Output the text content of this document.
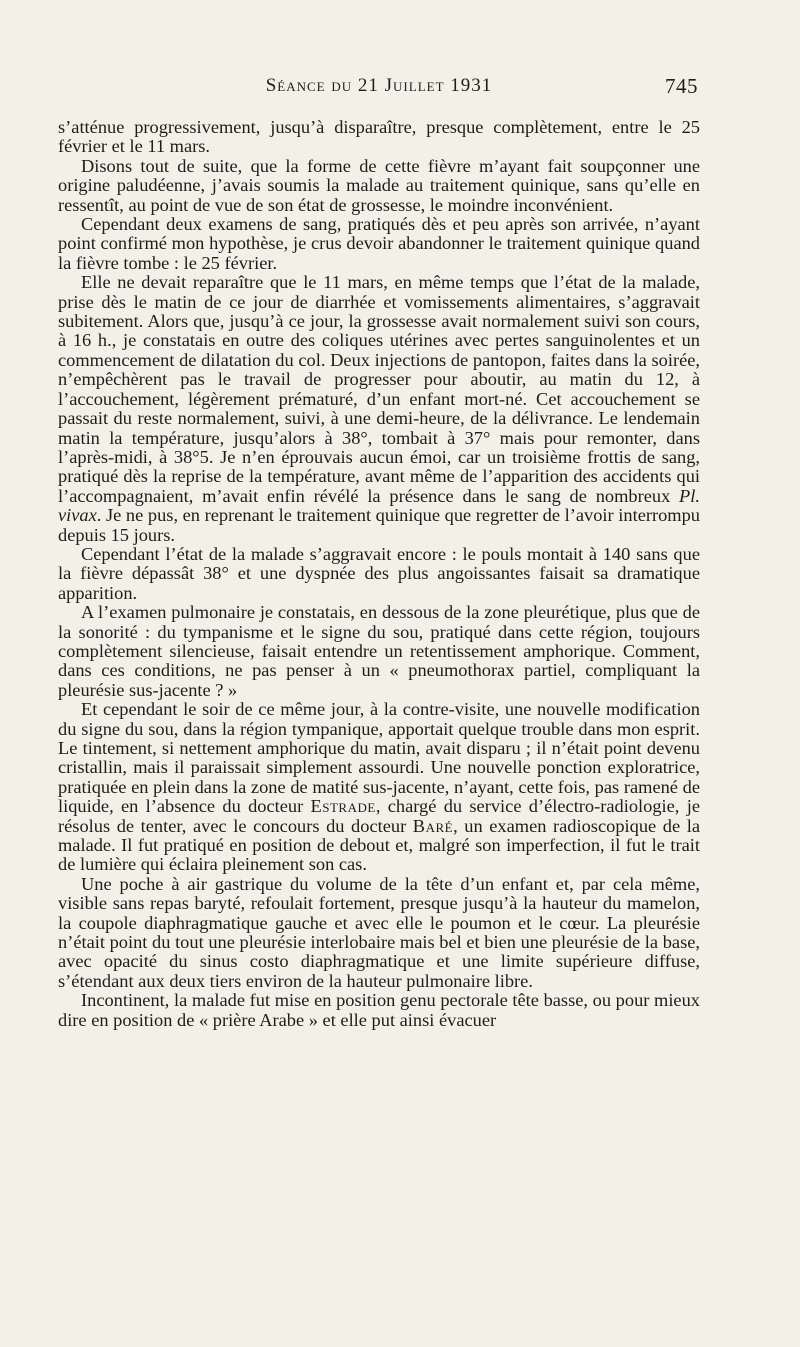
Séance du 21 Juillet 1931	745

s’atténue progressivement, jusqu’à disparaître, presque complètement, entre le 25 février et le 11 mars.

Disons tout de suite, que la forme de cette fièvre m’ayant fait soupçonner une origine paludéenne, j’avais soumis la malade au traitement quinique, sans qu’elle en ressentît, au point de vue de son état de grossesse, le moindre inconvénient.

Cependant deux examens de sang, pratiqués dès et peu après son arrivée, n’ayant point confirmé mon hypothèse, je crus devoir abandonner le traitement quinique quand la fièvre tombe : le 25 février.

Elle ne devait reparaître que le 11 mars, en même temps que l’état de la malade, prise dès le matin de ce jour de diarrhée et vomissements alimentaires, s’aggravait subitement. Alors que, jusqu’à ce jour, la grossesse avait normalement suivi son cours, à 16 h., je constatais en outre des coliques utérines avec pertes sanguinolentes et un commencement de dilatation du col. Deux injections de pantopon, faites dans la soirée, n’empêchèrent pas le travail de progresser pour aboutir, au matin du 12, à l’accouchement, légèrement prématuré, d’un enfant mort-né. Cet accouchement se passait du reste normalement, suivi, à une demi-heure, de la délivrance. Le lendemain matin la température, jusqu’alors à 38°, tombait à 37° mais pour remonter, dans l’après-midi, à 38°5. Je n’en éprouvais aucun émoi, car un troisième frottis de sang, pratiqué dès la reprise de la température, avant même de l’apparition des accidents qui l’accompagnaient, m’avait enfin révélé la présence dans le sang de nombreux Pl. vivax. Je ne pus, en reprenant le traitement quinique que regretter de l’avoir interrompu depuis 15 jours.

Cependant l’état de la malade s’aggravait encore : le pouls montait à 140 sans que la fièvre dépassât 38° et une dyspnée des plus angoissantes faisait sa dramatique apparition.

A l’examen pulmonaire je constatais, en dessous de la zone pleurétique, plus que de la sonorité : du tympanisme et le signe du sou, pratiqué dans cette région, toujours complètement silencieuse, faisait entendre un retentissement amphorique. Comment, dans ces conditions, ne pas penser à un « pneumothorax partiel, compliquant la pleurésie sus-jacente ? »

Et cependant le soir de ce même jour, à la contre-visite, une nouvelle modification du signe du sou, dans la région tympanique, apportait quelque trouble dans mon esprit. Le tintement, si nettement amphorique du matin, avait disparu ; il n’était point devenu cristallin, mais il paraissait simplement assourdi. Une nouvelle ponction exploratrice, pratiquée en plein dans la zone de matité sus-jacente, n’ayant, cette fois, pas ramené de liquide, en l’absence du docteur Estrade, chargé du service d’électro-radiologie, je résolus de tenter, avec le concours du docteur Baré, un examen radioscopique de la malade. Il fut pratiqué en position de debout et, malgré son imperfection, il fut le trait de lumière qui éclaira pleinement son cas.

Une poche à air gastrique du volume de la tête d’un enfant et, par cela même, visible sans repas baryté, refoulait fortement, presque jusqu’à la hauteur du mamelon, la coupole diaphragmatique gauche et avec elle le poumon et le cœur. La pleurésie n’était point du tout une pleurésie interlobaire mais bel et bien une pleurésie de la base, avec opacité du sinus costo diaphragmatique et une limite supérieure diffuse, s’étendant aux deux tiers environ de la hauteur pulmonaire libre.

Incontinent, la malade fut mise en position genu pectorale tête basse, ou pour mieux dire en position de « prière Arabe » et elle put ainsi évacuer
